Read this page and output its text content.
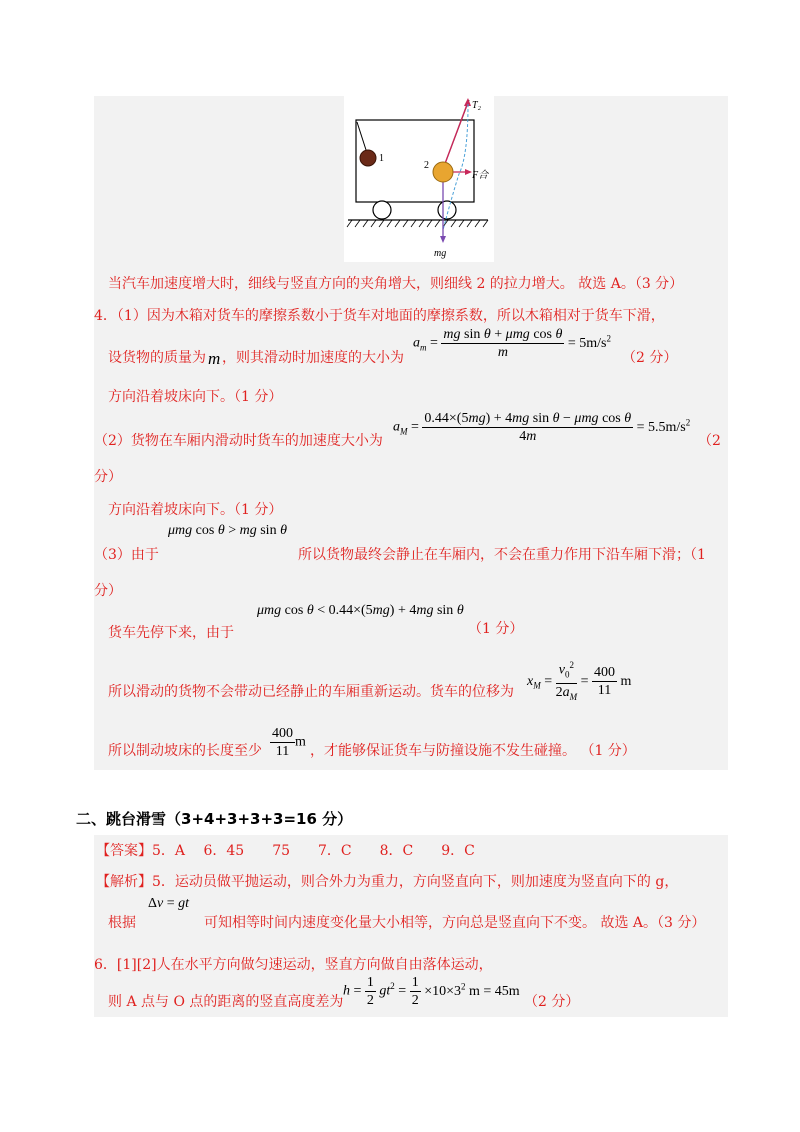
T₂
1
2
F合
mg
当汽车加速度增大时，细线与竖直方向的夹角增大，则细线 2 的拉力增大。 故选 A。（3 分）
4．（1）因为木箱对货车的摩擦系数小于货车对地面的摩擦系数，所以木箱相对于货车下滑，
设货物的质量为 m ，则其滑动时加速度的大小为
$a_m = \frac{\text{mg sin θ + μmg cos θ}}{m} = 5m/s^2$
（2 分）
方向沿着坡床向下。（1 分）
（2）货物在车厢内滑动时货车的加速度大小为
$a_M = \frac{\text{0.44×(5mg) + 4mg sin θ − μmg cos θ}}{4m} = 5.5m/s^2$
（2
分）
方向沿着坡床向下。（1 分）
（3）由于
μmg cos θ > mg sin θ
所以货物最终会静止在车厢内，不会在重力作用下沿车厢下滑；（1
分）
货车先停下来，由于
μmg cos θ < 0.44×(5mg) + 4mg sin θ
（1 分）
所以滑动的货物不会带动已经静止的车厢重新运动。货车的位移为
$x_M = \frac{v_0^2}{2a_M} = \frac{400}{11}$ m
所以制动坡床的长度至少 $\frac{400}{11}$ m
，才能够保证货车与防撞设施不发生碰撞。 （1 分）
二、跳台滑雪（3+4+3+3+3=16 分）
【答案】 5．A　 6．45　　75　　7．C　　8．C　　9．C
【解析】 5．运动员做平抛运动，则合外力为重力，方向竖直向下，则加速度为竖直向下的 g，
根据
Δv = gt
可知相等时间内速度变化量大小相等，方向总是竖直向下不变。 故选 A。（3 分）
6．[1][2]人在水平方向做匀速运动，竖直方向做自由落体运动，
则 A 点与 O 点的距离的竖直高度差为
$h = \frac{1}{2} gt^2 = \frac{1}{2} \times 10\times 3^2$ m = 45m
（2 分）
